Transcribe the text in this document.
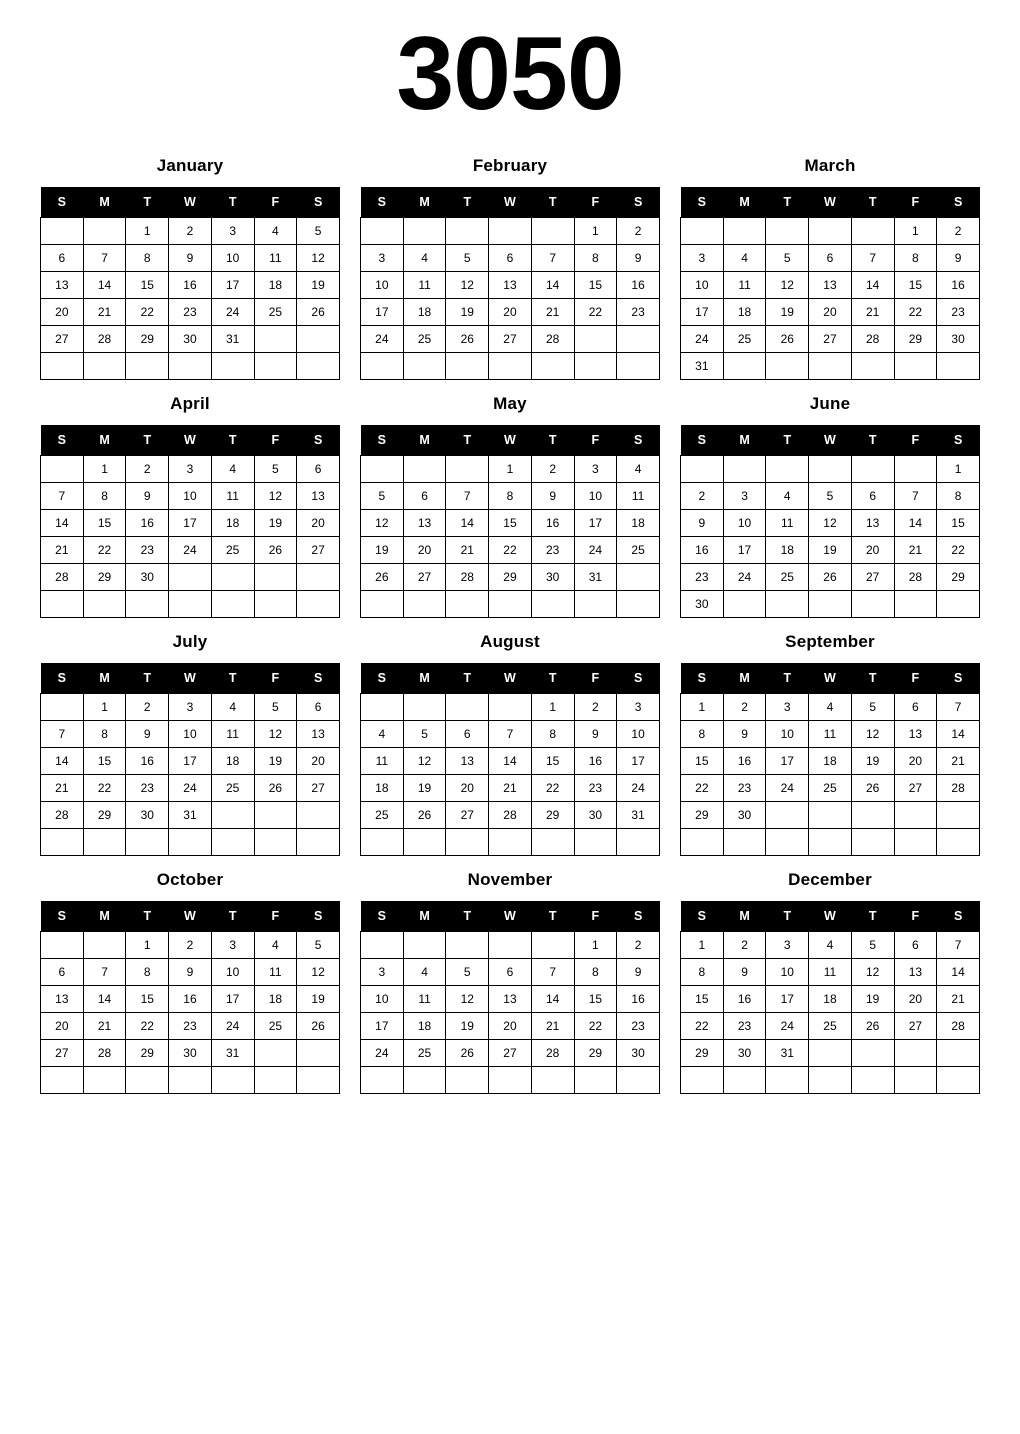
3050
January
S	M	T	W	T	F	S
		1	2	3	4	5
6	7	8	9	10	11	12
13	14	15	16	17	18	19
20	21	22	23	24	25	26
27	28	29	30	31		

February
S	M	T	W	T	F	S
					1	2
3	4	5	6	7	8	9
10	11	12	13	14	15	16
17	18	19	20	21	22	23
24	25	26	27	28		

March
S	M	T	W	T	F	S
					1	2
3	4	5	6	7	8	9
10	11	12	13	14	15	16
17	18	19	20	21	22	23
24	25	26	27	28	29	30
31						
April
S	M	T	W	T	F	S
	1	2	3	4	5	6
7	8	9	10	11	12	13
14	15	16	17	18	19	20
21	22	23	24	25	26	27
28	29	30				

May
S	M	T	W	T	F	S
			1	2	3	4
5	6	7	8	9	10	11
12	13	14	15	16	17	18
19	20	21	22	23	24	25
26	27	28	29	30	31	

June
S	M	T	W	T	F	S
						1
2	3	4	5	6	7	8
9	10	11	12	13	14	15
16	17	18	19	20	21	22
23	24	25	26	27	28	29
30						
July
S	M	T	W	T	F	S
	1	2	3	4	5	6
7	8	9	10	11	12	13
14	15	16	17	18	19	20
21	22	23	24	25	26	27
28	29	30	31			

August
S	M	T	W	T	F	S
				1	2	3
4	5	6	7	8	9	10
11	12	13	14	15	16	17
18	19	20	21	22	23	24
25	26	27	28	29	30	31

September
S	M	T	W	T	F	S
1	2	3	4	5	6	7
8	9	10	11	12	13	14
15	16	17	18	19	20	21
22	23	24	25	26	27	28
29	30					

October
S	M	T	W	T	F	S
		1	2	3	4	5
6	7	8	9	10	11	12
13	14	15	16	17	18	19
20	21	22	23	24	25	26
27	28	29	30	31		

November
S	M	T	W	T	F	S
					1	2
3	4	5	6	7	8	9
10	11	12	13	14	15	16
17	18	19	20	21	22	23
24	25	26	27	28	29	30

December
S	M	T	W	T	F	S
1	2	3	4	5	6	7
8	9	10	11	12	13	14
15	16	17	18	19	20	21
22	23	24	25	26	27	28
29	30	31				
